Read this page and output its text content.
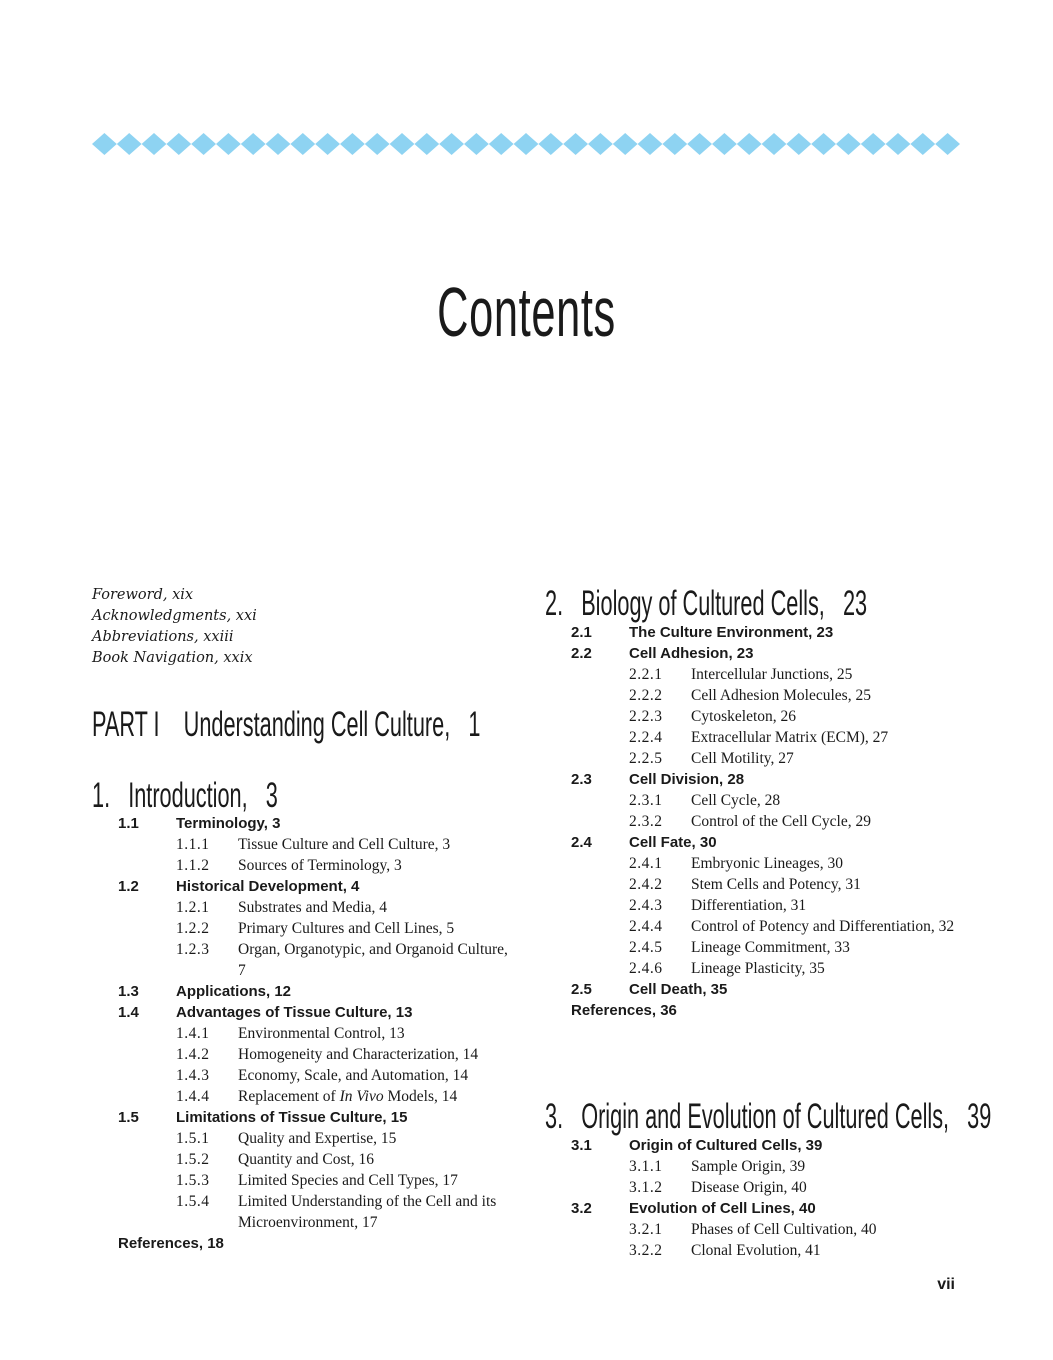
Contents
Foreword, xix
Acknowledgments, xxi
Abbreviations, xxiii
Book Navigation, xxix
PART I Understanding Cell Culture, 1
1. Introduction, 3
1.1 Terminology, 3
1.1.1 Tissue Culture and Cell Culture, 3
1.1.2 Sources of Terminology, 3
1.2 Historical Development, 4
1.2.1 Substrates and Media, 4
1.2.2 Primary Cultures and Cell Lines, 5
1.2.3 Organ, Organotypic, and Organoid Culture, 7
1.3 Applications, 12
1.4 Advantages of Tissue Culture, 13
1.4.1 Environmental Control, 13
1.4.2 Homogeneity and Characterization, 14
1.4.3 Economy, Scale, and Automation, 14
1.4.4 Replacement of In Vivo Models, 14
1.5 Limitations of Tissue Culture, 15
1.5.1 Quality and Expertise, 15
1.5.2 Quantity and Cost, 16
1.5.3 Limited Species and Cell Types, 17
1.5.4 Limited Understanding of the Cell and its Microenvironment, 17
References, 18
2. Biology of Cultured Cells, 23
2.1 The Culture Environment, 23
2.2 Cell Adhesion, 23
2.2.1 Intercellular Junctions, 25
2.2.2 Cell Adhesion Molecules, 25
2.2.3 Cytoskeleton, 26
2.2.4 Extracellular Matrix (ECM), 27
2.2.5 Cell Motility, 27
2.3 Cell Division, 28
2.3.1 Cell Cycle, 28
2.3.2 Control of the Cell Cycle, 29
2.4 Cell Fate, 30
2.4.1 Embryonic Lineages, 30
2.4.2 Stem Cells and Potency, 31
2.4.3 Differentiation, 31
2.4.4 Control of Potency and Differentiation, 32
2.4.5 Lineage Commitment, 33
2.4.6 Lineage Plasticity, 35
2.5 Cell Death, 35
References, 36
3. Origin and Evolution of Cultured Cells, 39
3.1 Origin of Cultured Cells, 39
3.1.1 Sample Origin, 39
3.1.2 Disease Origin, 40
3.2 Evolution of Cell Lines, 40
3.2.1 Phases of Cell Cultivation, 40
3.2.2 Clonal Evolution, 41
vii
